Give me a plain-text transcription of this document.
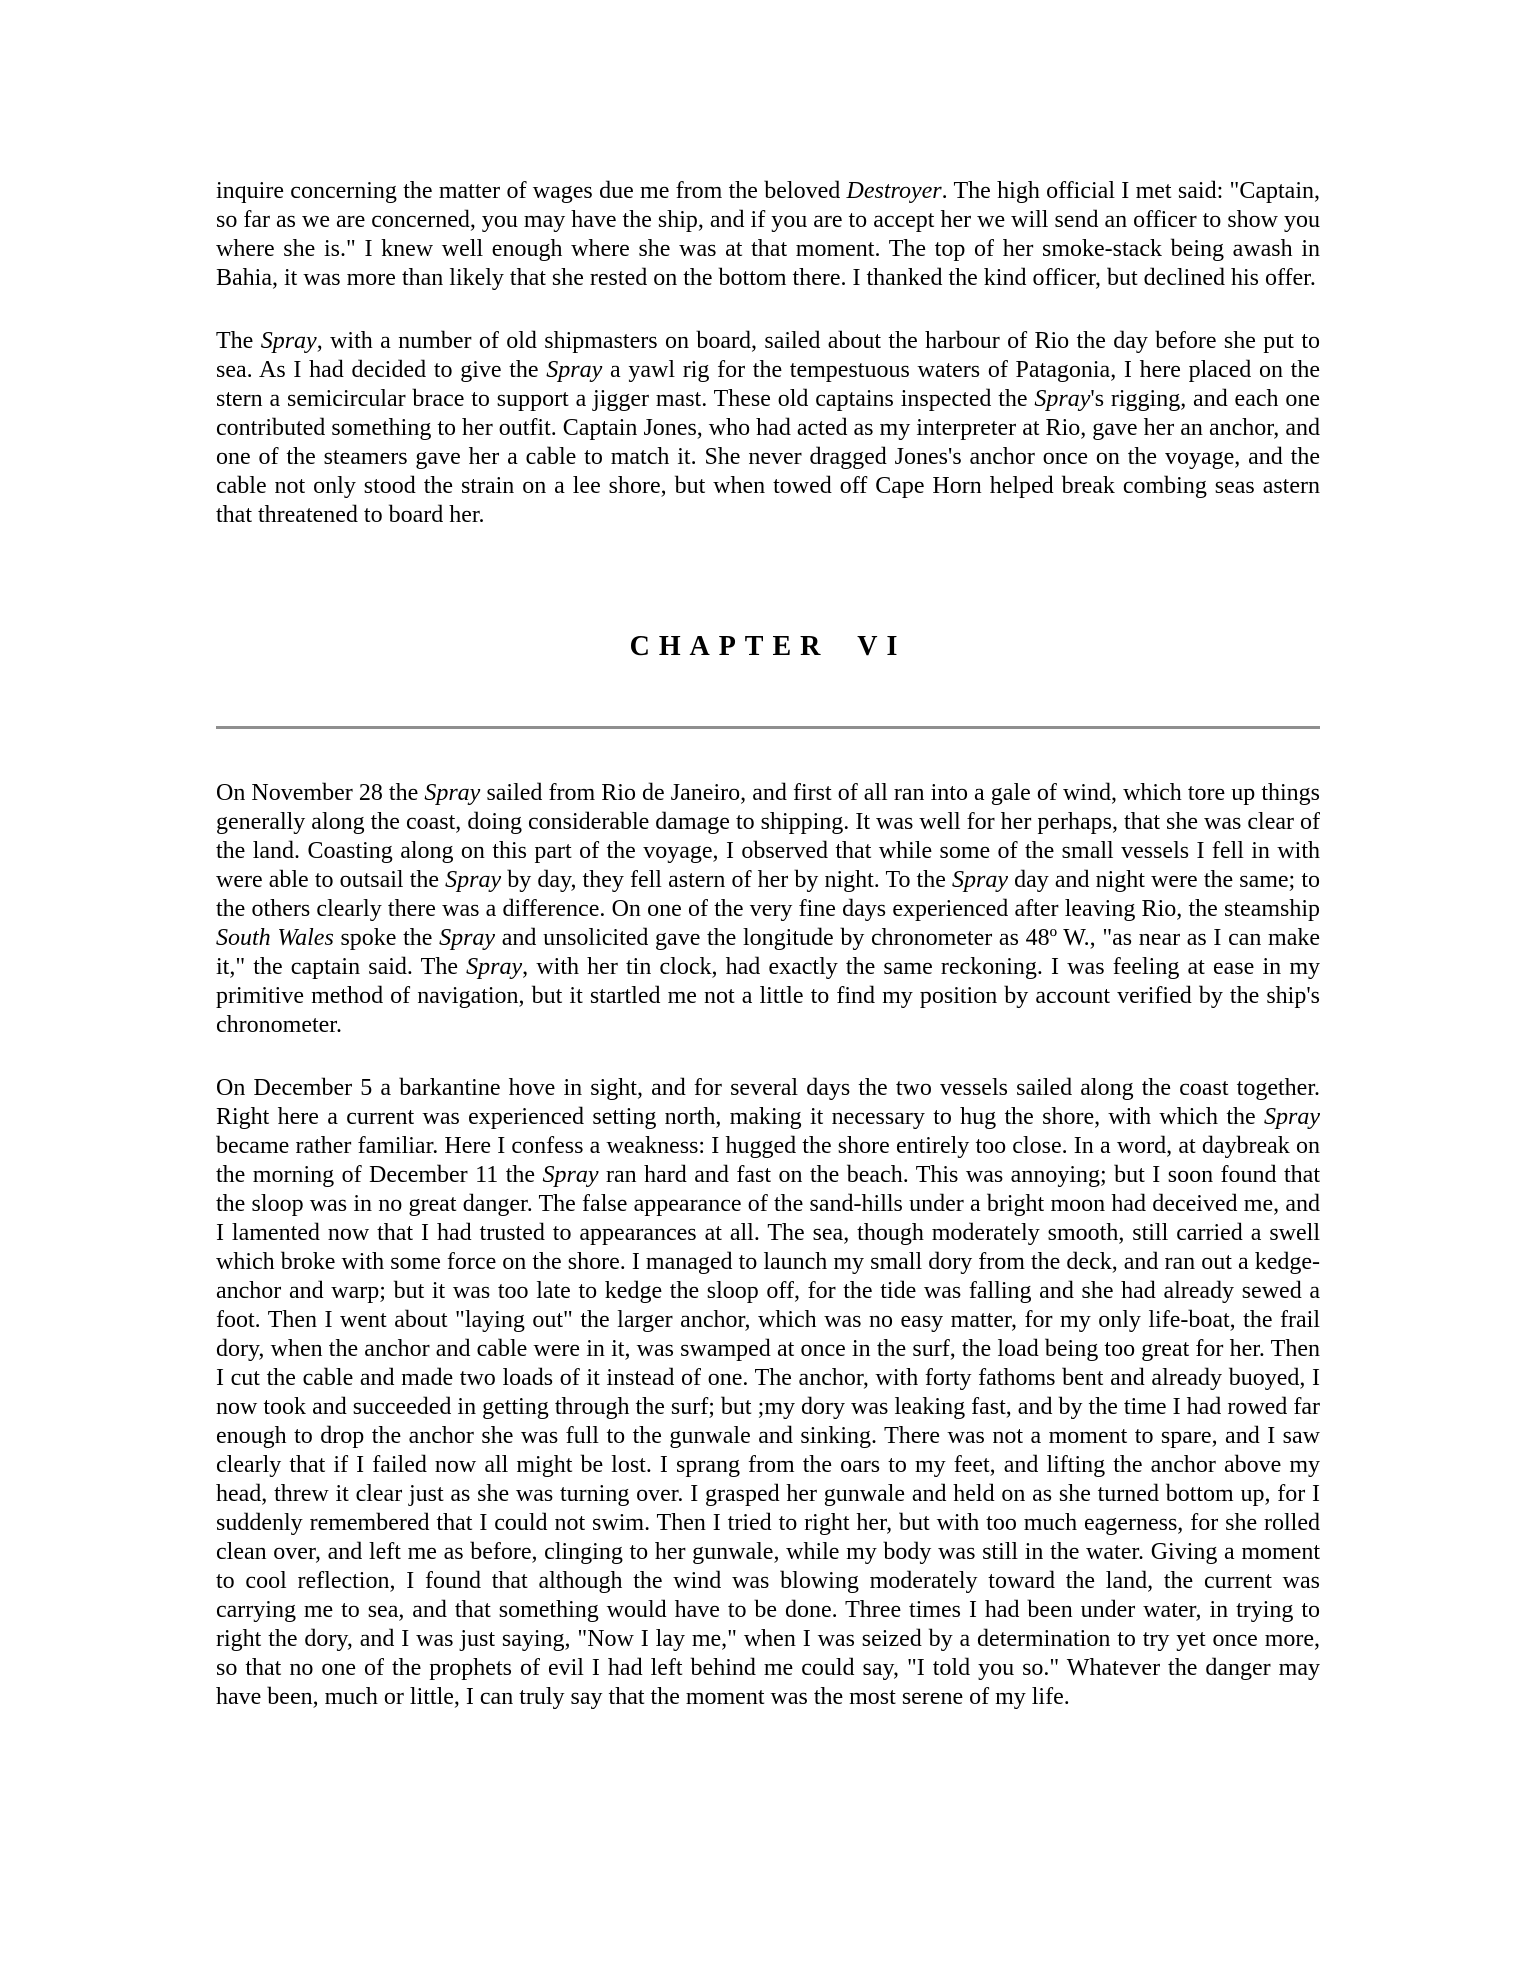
inquire concerning the matter of wages due me from the beloved Destroyer. The high official I met said: "Captain, so far as we are concerned, you may have the ship, and if you are to accept her we will send an officer to show you where she is." I knew well enough where she was at that moment. The top of her smoke-stack being awash in Bahia, it was more than likely that she rested on the bottom there. I thanked the kind officer, but declined his offer.

The Spray, with a number of old shipmasters on board, sailed about the harbour of Rio the day before she put to sea. As I had decided to give the Spray a yawl rig for the tempestuous waters of Patagonia, I here placed on the stern a semicircular brace to support a jigger mast. These old captains inspected the Spray's rigging, and each one contributed something to her outfit. Captain Jones, who had acted as my interpreter at Rio, gave her an anchor, and one of the steamers gave her a cable to match it. She never dragged Jones's anchor once on the voyage, and the cable not only stood the strain on a lee shore, but when towed off Cape Horn helped break combing seas astern that threatened to board her.

CHAPTER VI

On November 28 the Spray sailed from Rio de Janeiro, and first of all ran into a gale of wind, which tore up things generally along the coast, doing considerable damage to shipping. It was well for her perhaps, that she was clear of the land. Coasting along on this part of the voyage, I observed that while some of the small vessels I fell in with were able to outsail the Spray by day, they fell astern of her by night. To the Spray day and night were the same; to the others clearly there was a difference. On one of the very fine days experienced after leaving Rio, the steamship South Wales spoke the Spray and unsolicited gave the longitude by chronometer as 48º W., "as near as I can make it," the captain said. The Spray, with her tin clock, had exactly the same reckoning. I was feeling at ease in my primitive method of navigation, but it startled me not a little to find my position by account verified by the ship's chronometer.

On December 5 a barkantine hove in sight, and for several days the two vessels sailed along the coast together. Right here a current was experienced setting north, making it necessary to hug the shore, with which the Spray became rather familiar. Here I confess a weakness: I hugged the shore entirely too close. In a word, at daybreak on the morning of December 11 the Spray ran hard and fast on the beach. This was annoying; but I soon found that the sloop was in no great danger. The false appearance of the sand-hills under a bright moon had deceived me, and I lamented now that I had trusted to appearances at all. The sea, though moderately smooth, still carried a swell which broke with some force on the shore. I managed to launch my small dory from the deck, and ran out a kedge-anchor and warp; but it was too late to kedge the sloop off, for the tide was falling and she had already sewed a foot. Then I went about "laying out" the larger anchor, which was no easy matter, for my only life-boat, the frail dory, when the anchor and cable were in it, was swamped at once in the surf, the load being too great for her. Then I cut the cable and made two loads of it instead of one. The anchor, with forty fathoms bent and already buoyed, I now took and succeeded in getting through the surf; but ;my dory was leaking fast, and by the time I had rowed far enough to drop the anchor she was full to the gunwale and sinking. There was not a moment to spare, and I saw clearly that if I failed now all might be lost. I sprang from the oars to my feet, and lifting the anchor above my head, threw it clear just as she was turning over. I grasped her gunwale and held on as she turned bottom up, for I suddenly remembered that I could not swim. Then I tried to right her, but with too much eagerness, for she rolled clean over, and left me as before, clinging to her gunwale, while my body was still in the water. Giving a moment to cool reflection, I found that although the wind was blowing moderately toward the land, the current was carrying me to sea, and that something would have to be done. Three times I had been under water, in trying to right the dory, and I was just saying, "Now I lay me," when I was seized by a determination to try yet once more, so that no one of the prophets of evil I had left behind me could say, "I told you so." Whatever the danger may have been, much or little, I can truly say that the moment was the most serene of my life.
